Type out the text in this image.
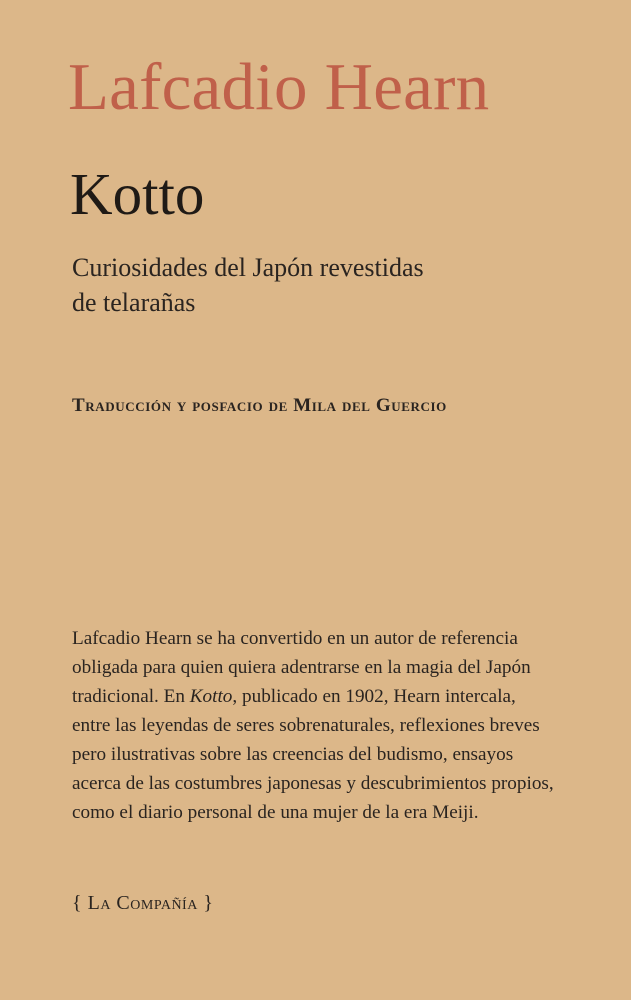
Lafcadio Hearn
Kotto
Curiosidades del Japón revestidas
de telarañas
Traducción y posfacio de Mila del Guercio
Lafcadio Hearn se ha convertido en un autor de referencia
obligada para quien quiera adentrarse en la magia del Japón
tradicional. En Kotto, publicado en 1902, Hearn intercala,
entre las leyendas de seres sobrenaturales, reflexiones breves
pero ilustrativas sobre las creencias del budismo, ensayos
acerca de las costumbres japonesas y descubrimientos propios,
como el diario personal de una mujer de la era Meiji.
{ La Compañía }
